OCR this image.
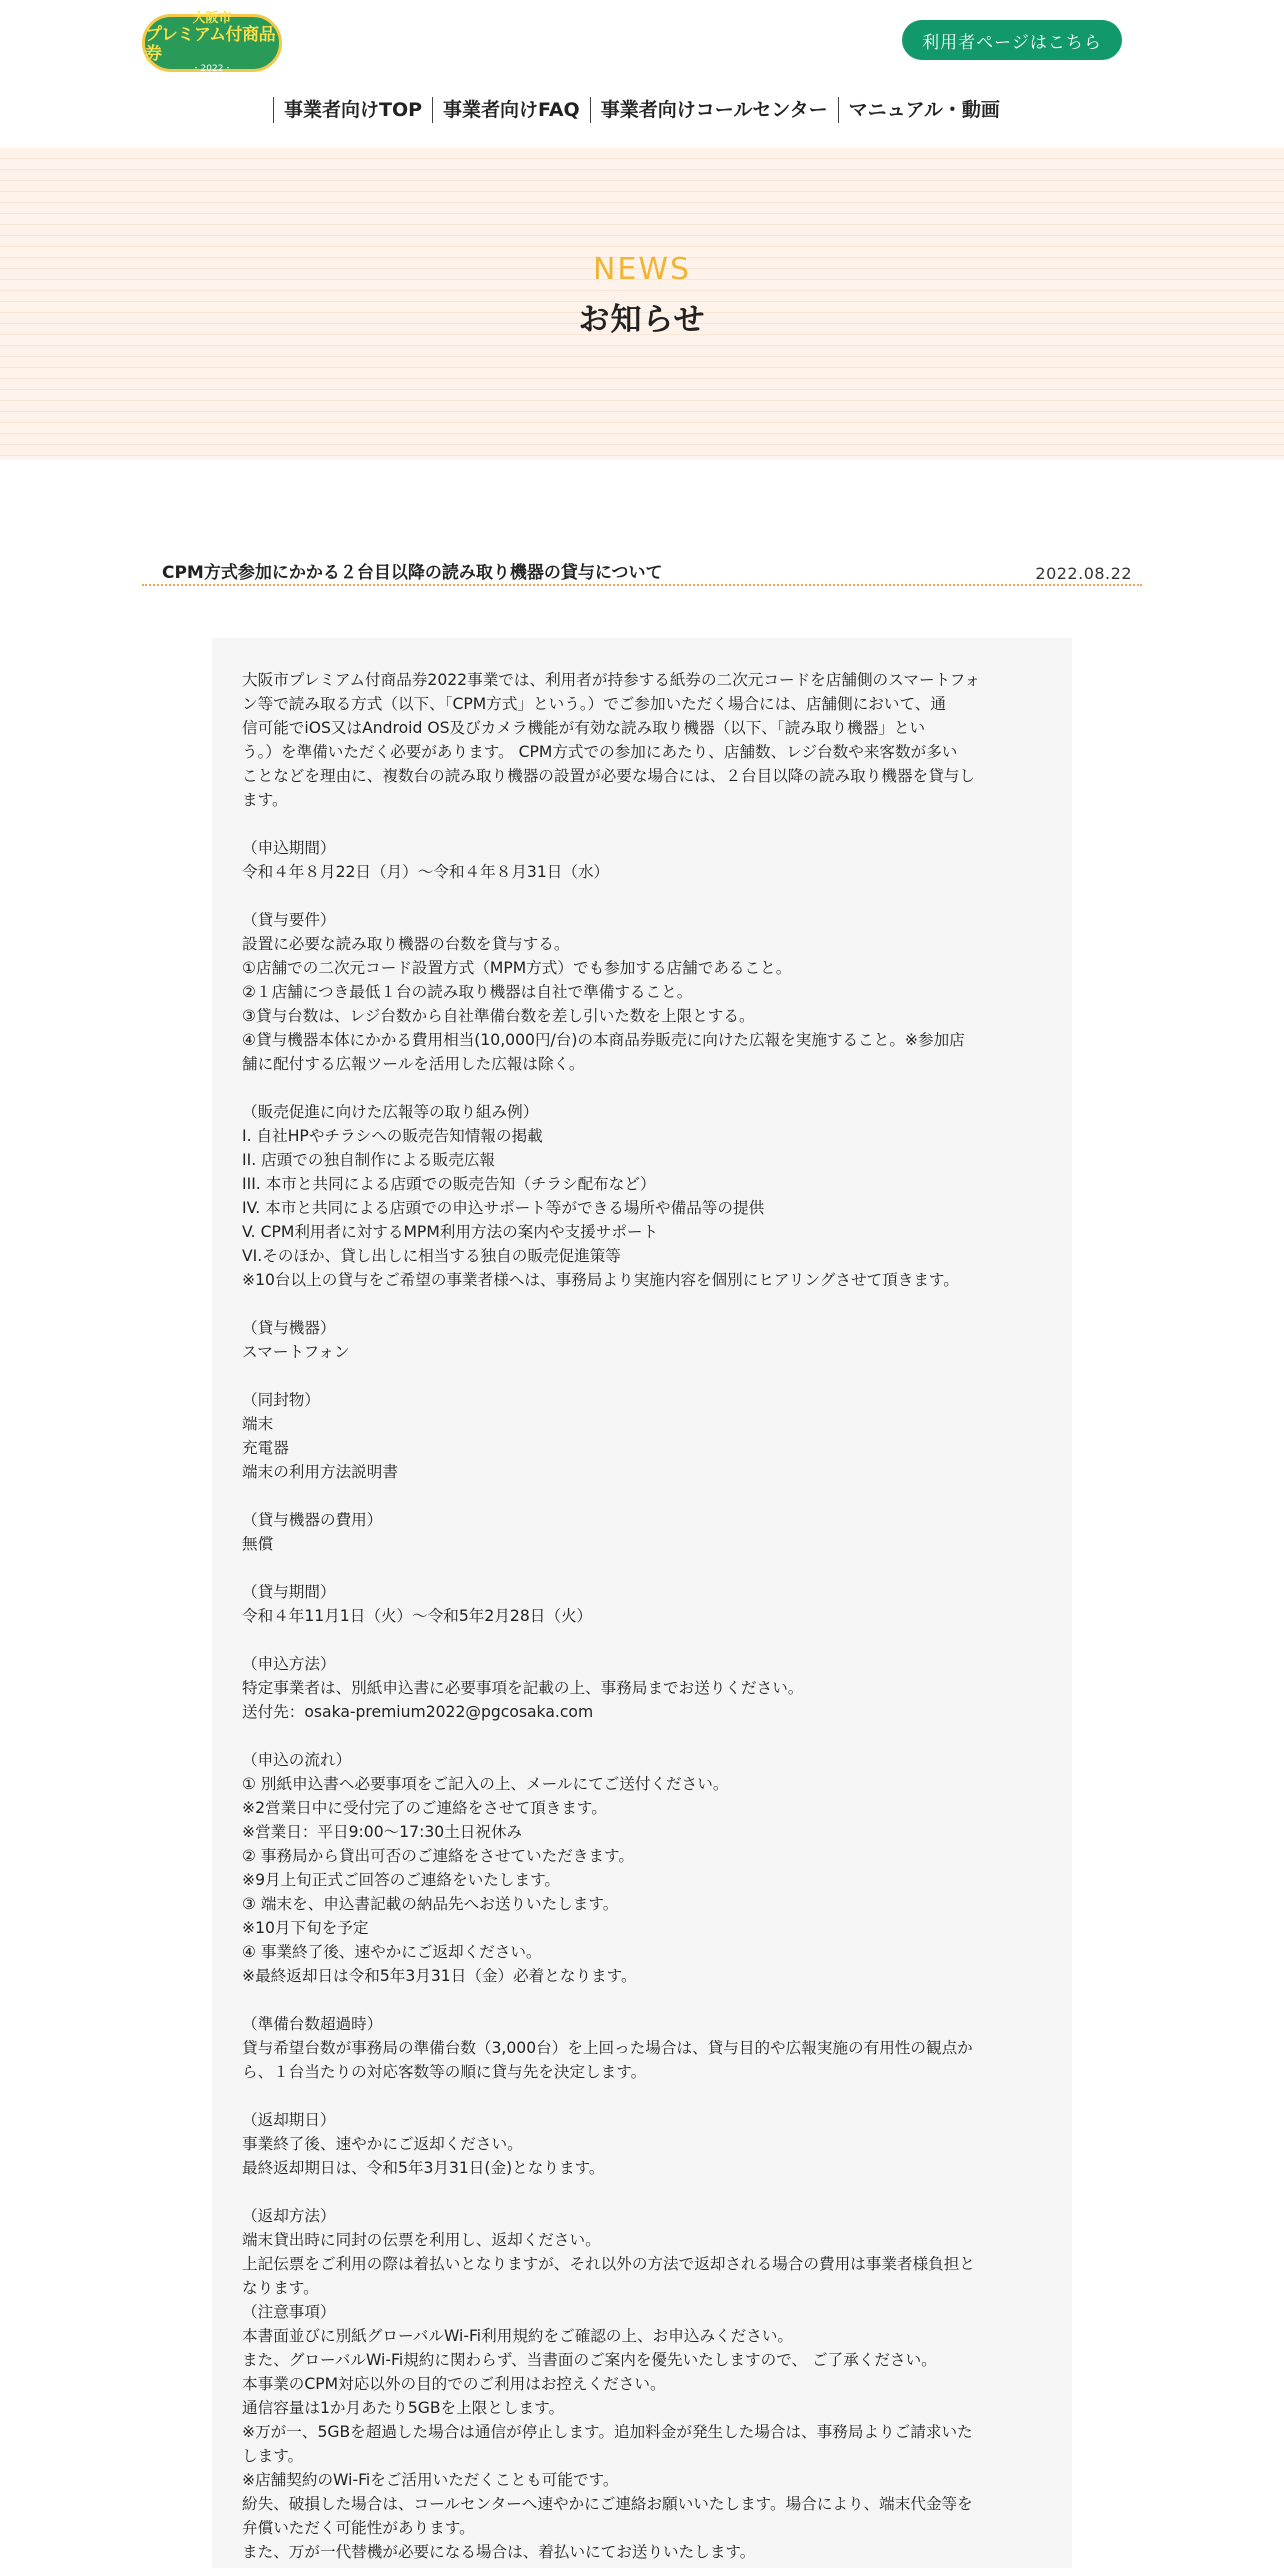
大阪市
プレミアム付商品券
・2022・
利用者ページはこちら
事業者向けTOP	事業者向けFAQ	事業者向けコールセンター	マニュアル・動画
NEWS
お知らせ
CPM方式参加にかかる２台目以降の読み取り機器の貸与について	2022.08.22

大阪市プレミアム付商品券2022事業では、利用者が持参する紙券の二次元コードを店舗側のスマートフォ

ン等で読み取る方式（以下、「CPM方式」という。）でご参加いただく場合には、店舗側において、通

信可能でiOS又はAndroid OS及びカメラ機能が有効な読み取り機器（以下、「読み取り機器」とい

う。）を準備いただく必要があります。 CPM方式での参加にあたり、店舗数、レジ台数や来客数が多い

ことなどを理由に、複数台の読み取り機器の設置が必要な場合には、２台目以降の読み取り機器を貸与し

ます。

（申込期間）

令和４年８月22日（月）～令和４年８月31日（水）

（貸与要件）

設置に必要な読み取り機器の台数を貸与する。

①店舗での二次元コード設置方式（MPM方式）でも参加する店舗であること。

②１店舗につき最低１台の読み取り機器は自社で準備すること。

③貸与台数は、レジ台数から自社準備台数を差し引いた数を上限とする。

④貸与機器本体にかかる費用相当(10,000円/台)の本商品券販売に向けた広報を実施すること。※参加店

舗に配付する広報ツールを活用した広報は除く。

（販売促進に向けた広報等の取り組み例）

I. 自社HPやチラシへの販売告知情報の掲載

II. 店頭での独自制作による販売広報

III. 本市と共同による店頭での販売告知（チラシ配布など）

IV. 本市と共同による店頭での申込サポート等ができる場所や備品等の提供

V. CPM利用者に対するMPM利用方法の案内や支援サポート

VI.そのほか、貸し出しに相当する独自の販売促進策等

※10台以上の貸与をご希望の事業者様へは、事務局より実施内容を個別にヒアリングさせて頂きます。

（貸与機器）

スマートフォン

（同封物）

端末

充電器

端末の利用方法説明書

（貸与機器の費用）

無償

（貸与期間）

令和４年11月1日（火）～令和5年2月28日（火）

（申込方法）

特定事業者は、別紙申込書に必要事項を記載の上、事務局までお送りください。

送付先：osaka-premium2022@pgcosaka.com

（申込の流れ）

① 別紙申込書へ必要事項をご記入の上、メールにてご送付ください。

※2営業日中に受付完了のご連絡をさせて頂きます。

※営業日：平日9:00～17:30土日祝休み

② 事務局から貸出可否のご連絡をさせていただきます。

※9月上旬正式ご回答のご連絡をいたします。

③ 端末を、申込書記載の納品先へお送りいたします。

※10月下旬を予定

④ 事業終了後、速やかにご返却ください。

※最終返却日は令和5年3月31日（金）必着となります。

（準備台数超過時）

貸与希望台数が事務局の準備台数（3,000台）を上回った場合は、貸与目的や広報実施の有用性の観点か

ら、１台当たりの対応客数等の順に貸与先を決定します。

（返却期日）

事業終了後、速やかにご返却ください。

最終返却期日は、令和5年3月31日(金)となります。

（返却方法）

端末貸出時に同封の伝票を利用し、返却ください。

上記伝票をご利用の際は着払いとなりますが、それ以外の方法で返却される場合の費用は事業者様負担と

なります。

（注意事項）

本書面並びに別紙グローバルWi-Fi利用規約をご確認の上、お申込みください。

また、グローバルWi-Fi規約に関わらず、当書面のご案内を優先いたしますので、 ご了承ください。

本事業のCPM対応以外の目的でのご利用はお控えください。

通信容量は1か月あたり5GBを上限とします。

※万が一、5GBを超過した場合は通信が停止します。追加料金が発生した場合は、事務局よりご請求いた

します。

※店舗契約のWi-Fiをご活用いただくことも可能です。

紛失、破損した場合は、コールセンターへ速やかにご連絡お願いいたします。場合により、端末代金等を

弁償いただく可能性があります。

また、万が一代替機が必要になる場合は、着払いにてお送りいたします。
